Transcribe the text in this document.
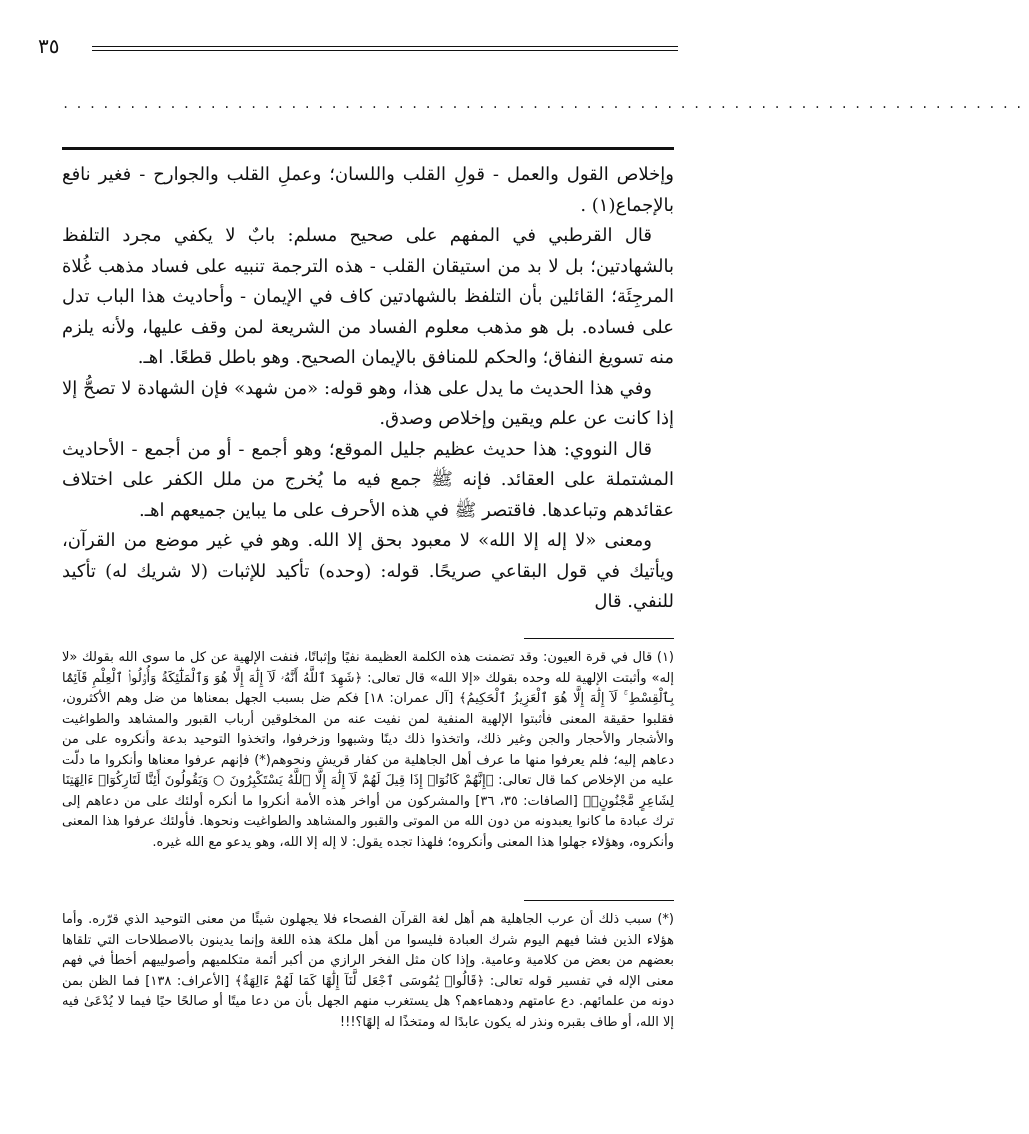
٣٥
........................................................................

وإخلاص القول والعمل - قولِ القلب واللسان؛ وعملِ القلب والجوارح - فغير نافع بالإجماع(١) .

قال القرطبي في المفهم على صحيح مسلم: بابٌ لا يكفي مجرد التلفظ بالشهادتين؛ بل لا بد من استيقان القلب - هذه الترجمة تنبيه على فساد مذهب غُلاة المرجِئَة؛ القائلين بأن التلفظ بالشهادتين كاف في الإيمان - وأحاديث هذا الباب تدل على فساده. بل هو مذهب معلوم الفساد من الشريعة لمن وقف عليها، ولأنه يلزم منه تسويغ النفاق؛ والحكم للمنافق بالإيمان الصحيح. وهو باطل قطعًا. اهـ.

وفي هذا الحديث ما يدل على هذا، وهو قوله: «من شهد» فإن الشهادة لا تصحُّ إلا إذا كانت عن علم ويقين وإخلاص وصدق.

قال النووي: هذا حديث عظيم جليل الموقع؛ وهو أجمع - أو من أجمع - الأحاديث المشتملة على العقائد. فإنه ﷺ جمع فيه ما يُخرج من ملل الكفر على اختلاف عقائدهم وتباعدها. فاقتصر ﷺ في هذه الأحرف على ما يباين جميعهم اهـ.

ومعنى «لا إله إلا الله» لا معبود بحق إلا الله. وهو في غير موضع من القرآن، ويأتيك في قول البقاعي صريحًا. قوله: (وحده) تأكيد للإثبات (لا شريك له) تأكيد للنفي. قال

(١) قال في قرة العيون: وقد تضمنت هذه الكلمة العظيمة نفيًا وإثباتًا، فنفت الإلهية عن كل ما سوى الله بقولك «لا إله» وأثبتت الإلهية لله وحده بقولك «إلا الله» قال تعالى: ﴿شَهِدَ ٱللَّهُ أَنَّهُۥ لَآ إِلَٰهَ إِلَّا هُوَ وَٱلْمَلَٰٓئِكَةُ وَأُو۟لُوا۟ ٱلْعِلْمِ قَآئِمًۢا بِٱلْقِسْطِ ۚ لَآ إِلَٰهَ إِلَّا هُوَ ٱلْعَزِيزُ ٱلْحَكِيمُ﴾ [آل عمران: ١٨] فكم ضل بسبب الجهل بمعناها من ضل وهم الأكثرون، فقلبوا حقيقة المعنى فأثبتوا الإلهية المنفية لمن نفيت عنه من المخلوقين أرباب القبور والمشاهد والطواغيت والأشجار والأحجار والجن وغير ذلك، واتخذوا ذلك دينًا وشبهوا وزخرفوا، واتخذوا التوحيد بدعة وأنكروه على من دعاهم إليه؛ فلم يعرفوا منها ما عرف أهل الجاهلية من كفار قريش ونحوهم(*) فإنهم عرفوا معناها وأنكروا ما دلّت عليه من الإخلاص كما قال تعالى: ﴿إِنَّهُمْ كَانُوٓا۟ إِذَا قِيلَ لَهُمْ لَآ إِلَٰهَ إِلَّا ٱللَّهُ يَسْتَكْبِرُونَ ○ وَيَقُولُونَ أَئِنَّا لَتَارِكُوٓا۟ ءَالِهَتِنَا لِشَاعِرٍ مَّجْنُونٍۭ﴾ [الصافات: ٣٥، ٣٦] والمشركون من أواخر هذه الأمة أنكروا ما أنكره أولئك على من دعاهم إلى ترك عبادة ما كانوا يعبدونه من دون الله من الموتى والقبور والمشاهد والطواغيت ونحوها. فأولئك عرفوا هذا المعنى وأنكروه، وهؤلاء جهلوا هذا المعنى وأنكروه؛ فلهذا تجده يقول: لا إله إلا الله، وهو يدعو مع الله غيره.

(*) سبب ذلك أن عرب الجاهلية هم أهل لغة القرآن الفصحاء فلا يجهلون شيئًا من معنى التوحيد الذي قرّره. وأما هؤلاء الذين فشا فيهم اليوم شرك العبادة فليسوا من أهل ملكة هذه اللغة وإنما يدينون بالاصطلاحات التي تلقاها بعضهم من بعض من كلامية وعامية. وإذا كان مثل الفخر الرازي من أكبر أئمة متكلميهم وأصولييهم أخطأ في فهم معنى الإله في تفسير قوله تعالى: ﴿قَالُوا۟ يَٰمُوسَى ٱجْعَل لَّنَآ إِلَٰهًا كَمَا لَهُمْ ءَالِهَةٌ﴾ [الأعراف: ١٣٨] فما الظن بمن دونه من علمائهم. دع عامتهم ودهماءهم؟ هل يستغرب منهم الجهل بأن من دعا ميتًا أو صالحًا حيًا فيما لا يُدْعَىٰ فيه إلا الله، أو طاف بقبره ونذر له يكون عابدًا له ومتخذًا له إلهًا؟!!!
